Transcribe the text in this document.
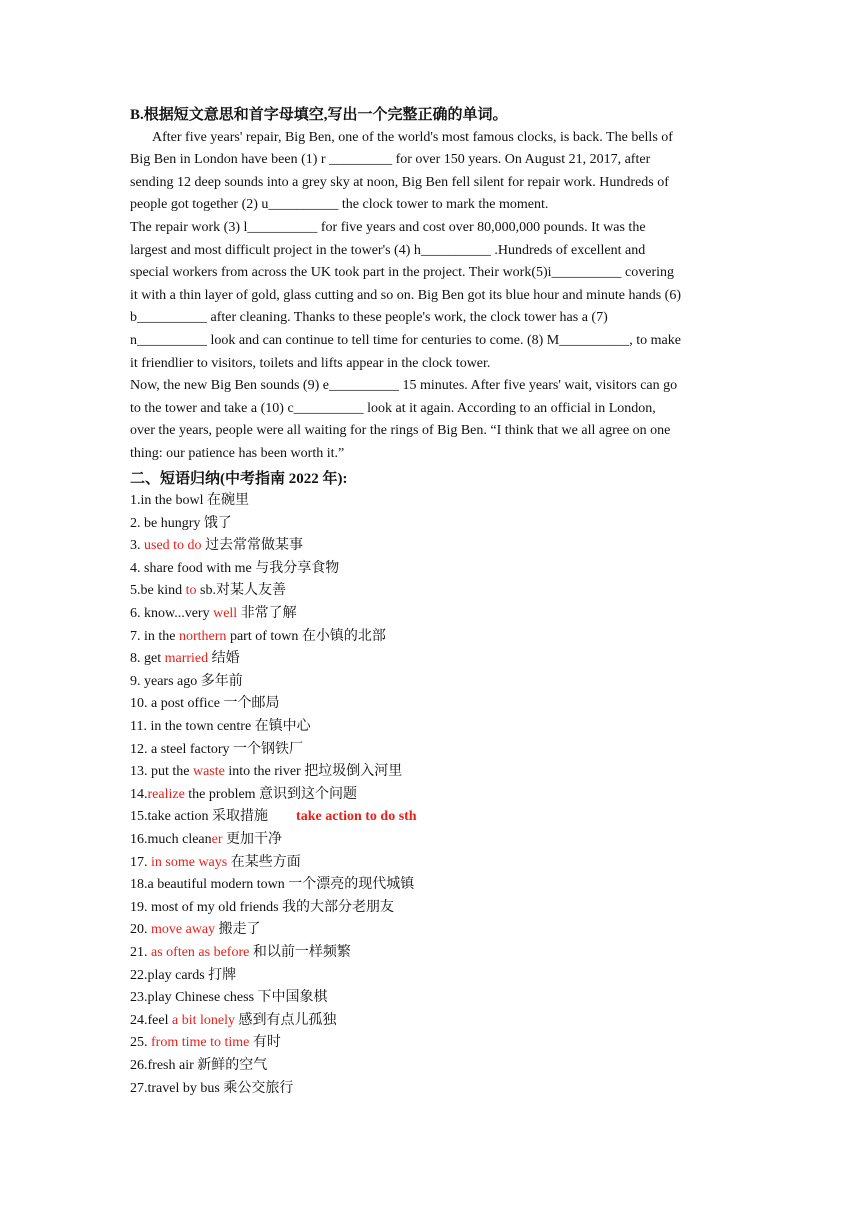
B.根据短文意思和首字母填空,写出一个完整正确的单词。
After five years' repair, Big Ben, one of the world's most famous clocks, is back. The bells of
Big Ben in London have been (1) r _________ for over 150 years. On August 21, 2017, after
sending 12 deep sounds into a grey sky at noon, Big Ben fell silent for repair work. Hundreds of
people got together (2) u__________ the clock tower to mark the moment.
The repair work (3) l__________ for five years and cost over 80,000,000 pounds. It was the
largest and most difficult project in the tower's (4) h__________ .Hundreds of excellent and
special workers from across the UK took part in the project. Their work(5)i__________ covering
it with a thin layer of gold, glass cutting and so on. Big Ben got its blue hour and minute hands (6)
b__________ after cleaning. Thanks to these people's work, the clock tower has a (7)
n__________ look and can continue to tell time for centuries to come. (8) M__________, to make
it friendlier to visitors, toilets and lifts appear in the clock tower.
Now, the new Big Ben sounds (9) e__________ 15 minutes. After five years' wait, visitors can go
to the tower and take a (10) c__________ look at it again. According to an official in London,
over the years, people were all waiting for the rings of Big Ben. “I think that we all agree on one
thing: our patience has been worth it.”
二、短语归纳(中考指南 2022 年):
1.in the bowl 在碗里
2. be hungry 饿了
3. used to do 过去常常做某事
4. share food with me 与我分享食物
5.be kind to sb.对某人友善
6. know...very well 非常了解
7. in the northern part of town 在小镇的北部
8. get married 结婚
9. years ago 多年前
10. a post office 一个邮局
11. in the town centre 在镇中心
12. a steel factory 一个钢铁厂
13. put the waste into the river 把垃圾倒入河里
14.realize the problem 意识到这个问题
15.take action 采取措施 take action to do sth
16.much cleaner 更加干净
17. in some ways 在某些方面
18.a beautiful modern town 一个漂亮的现代城镇
19. most of my old friends 我的大部分老朋友
20. move away 搬走了
21. as often as before 和以前一样频繁
22.play cards 打牌
23.play Chinese chess 下中国象棋
24.feel a bit lonely 感到有点儿孤独
25. from time to time 有时
26.fresh air 新鲜的空气
27.travel by bus 乘公交旅行
